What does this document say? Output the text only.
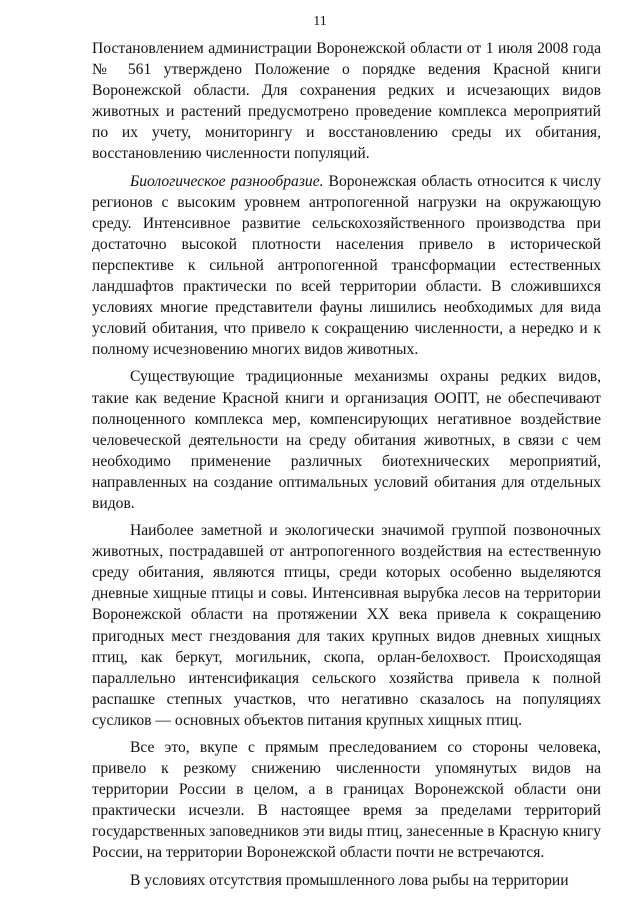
11

Постановлением администрации Воронежской области от 1 июля 2008 года № 561 утверждено Положение о порядке ведения Красной книги Воронежской области. Для сохранения редких и исчезающих видов животных и растений предусмотрено проведение комплекса мероприятий по их учету, мониторингу и восстановлению среды их обитания, восстановлению численности популяций.

Биологическое разнообразие. Воронежская область относится к числу регионов с высоким уровнем антропогенной нагрузки на окружающую среду. Интенсивное развитие сельскохозяйственного производства при достаточно высокой плотности населения привело в исторической перспективе к сильной антропогенной трансформации естественных ландшафтов практически по всей территории области. В сложившихся условиях многие представители фауны лишились необходимых для вида условий обитания, что привело к сокращению численности, а нередко и к полному исчезновению многих видов животных.

Существующие традиционные механизмы охраны редких видов, такие как ведение Красной книги и организация ООПТ, не обеспечивают полноценного комплекса мер, компенсирующих негативное воздействие человеческой деятельности на среду обитания животных, в связи с чем необходимо применение различных биотехнических мероприятий, направленных на создание оптимальных условий обитания для отдельных видов.

Наиболее заметной и экологически значимой группой позвоночных животных, пострадавшей от антропогенного воздействия на естественную среду обитания, являются птицы, среди которых особенно выделяются дневные хищные птицы и совы. Интенсивная вырубка лесов на территории Воронежской области на протяжении XX века привела к сокращению пригодных мест гнездования для таких крупных видов дневных хищных птиц, как беркут, могильник, скопа, орлан-белохвост. Происходящая параллельно интенсификация сельского хозяйства привела к полной распашке степных участков, что негативно сказалось на популяциях сусликов — основных объектов питания крупных хищных птиц.

Все это, вкупе с прямым преследованием со стороны человека, привело к резкому снижению численности упомянутых видов на территории России в целом, а в границах Воронежской области они практически исчезли. В настоящее время за пределами территорий государственных заповедников эти виды птиц, занесенные в Красную книгу России, на территории Воронежской области почти не встречаются.

В условиях отсутствия промышленного лова рыбы на территории
